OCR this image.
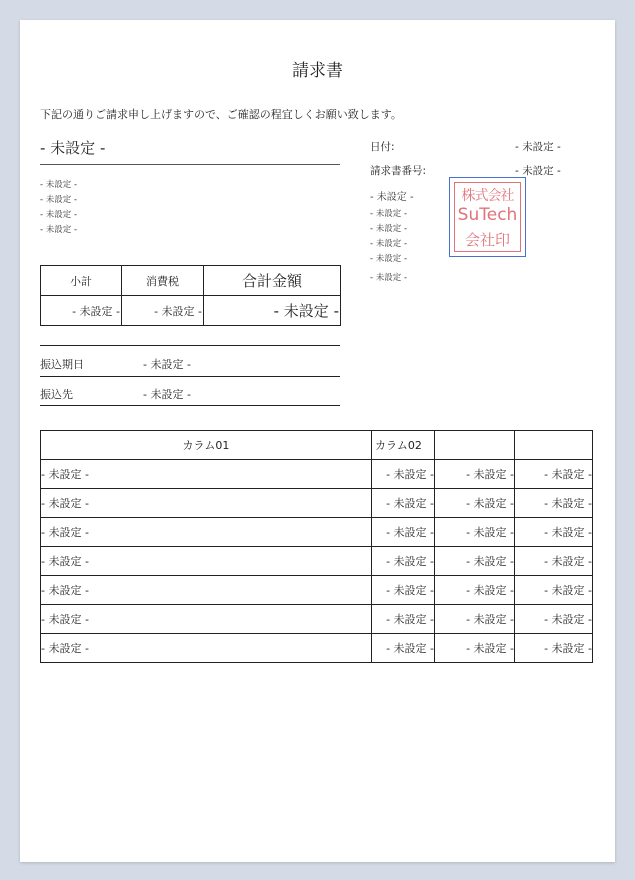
請求書
下記の通りご請求申し上げますので、ご確認の程宜しくお願い致します。
- 未設定 -
- 未設定 -
- 未設定 -
- 未設定 -
- 未設定 -
日付:	- 未設定 -
請求書番号:	- 未設定 -
- 未設定 -
- 未設定 -
- 未設定 -
- 未設定 -
- 未設定 -
- 未設定 -
株式会社
SuTech
会社印
小計	消費税	合計金額
- 未設定 -	- 未設定 -	- 未設定 -
振込期日	- 未設定 -
振込先	- 未設定 -
カラム01	カラム02		
- 未設定 -	- 未設定 -	- 未設定 -	- 未設定 -
- 未設定 -	- 未設定 -	- 未設定 -	- 未設定 -
- 未設定 -	- 未設定 -	- 未設定 -	- 未設定 -
- 未設定 -	- 未設定 -	- 未設定 -	- 未設定 -
- 未設定 -	- 未設定 -	- 未設定 -	- 未設定 -
- 未設定 -	- 未設定 -	- 未設定 -	- 未設定 -
- 未設定 -	- 未設定 -	- 未設定 -	- 未設定 -
